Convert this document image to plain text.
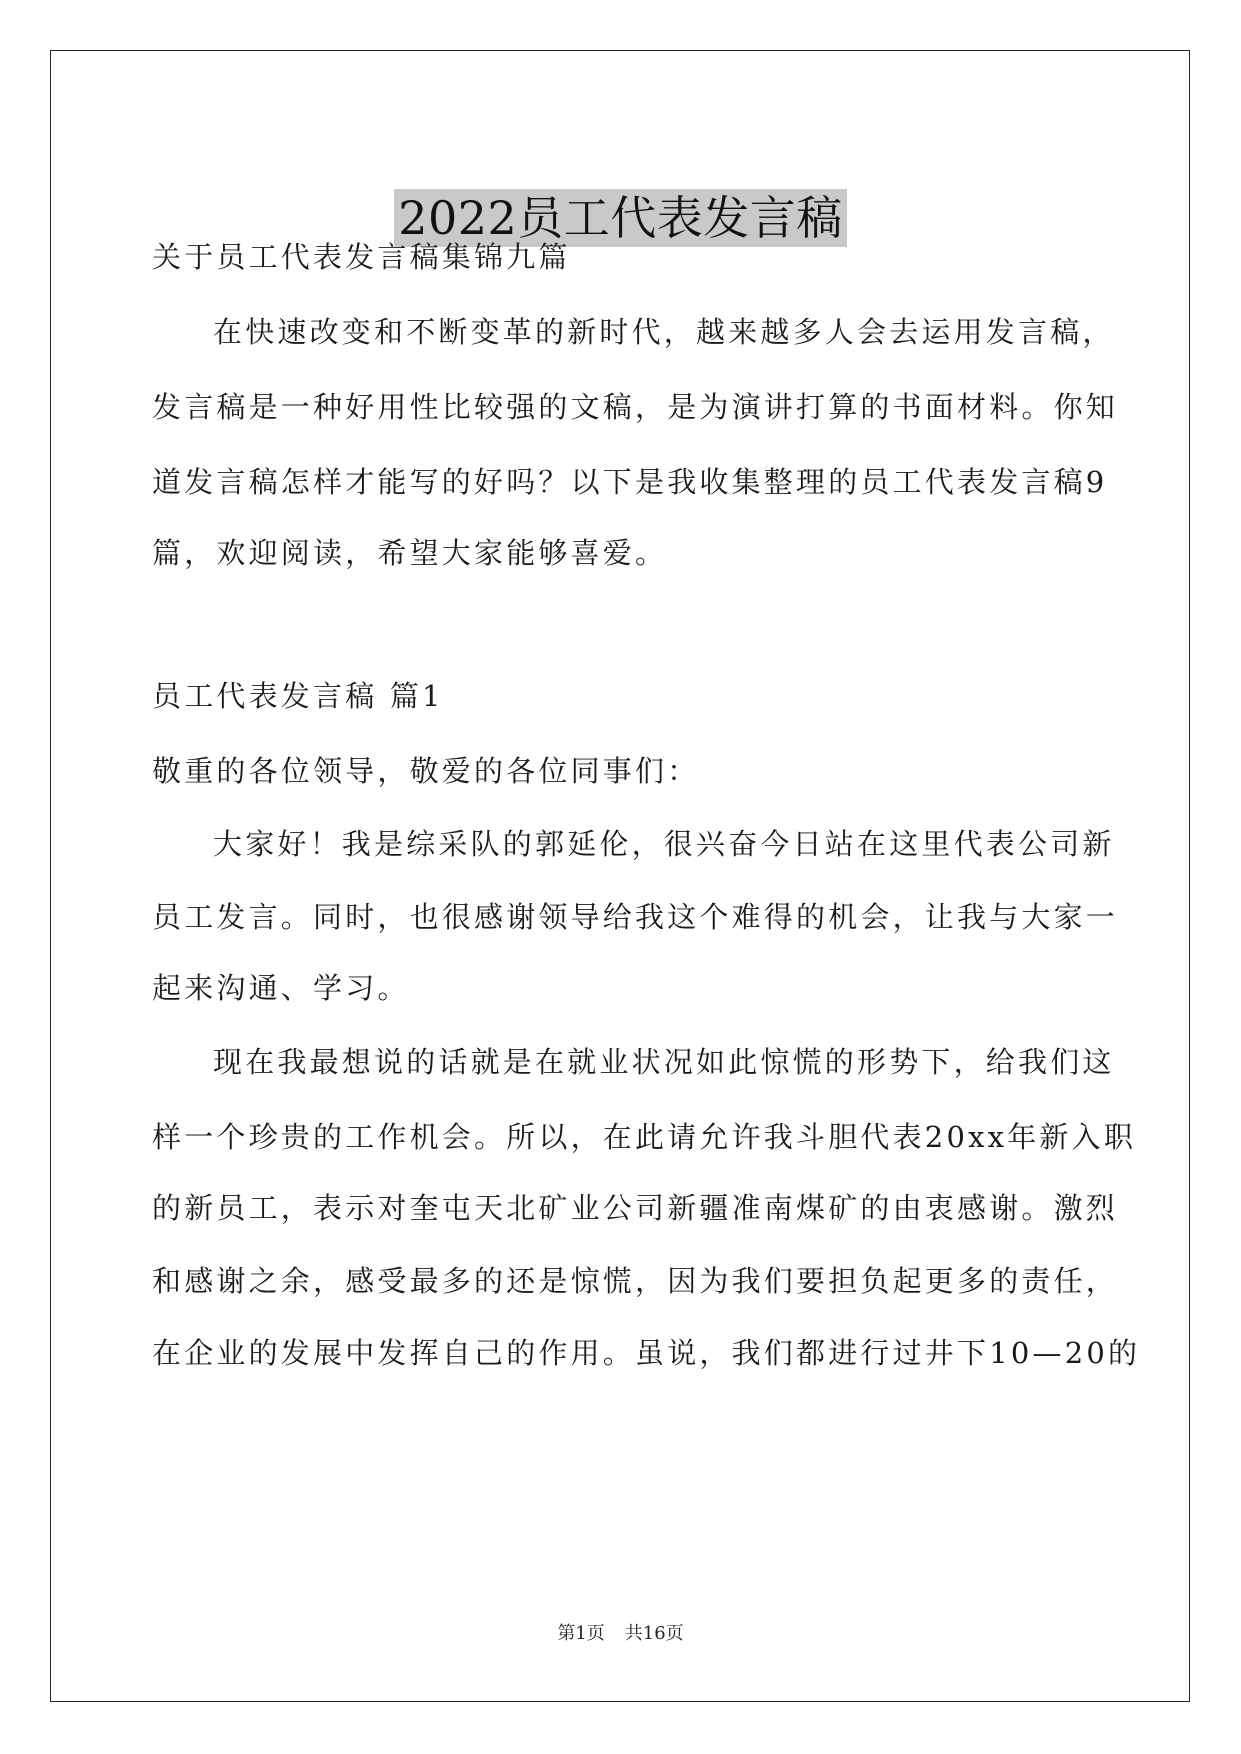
2022员工代表发言稿
关于员工代表发言稿集锦九篇
在快速改变和不断变革的新时代，越来越多人会去运用发言稿，
发言稿是一种好用性比较强的文稿，是为演讲打算的书面材料。你知
道发言稿怎样才能写的好吗？以下是我收集整理的员工代表发言稿9
篇，欢迎阅读，希望大家能够喜爱。
员工代表发言稿 篇1
敬重的各位领导，敬爱的各位同事们：
大家好！我是综采队的郭延伦，很兴奋今日站在这里代表公司新
员工发言。同时，也很感谢领导给我这个难得的机会，让我与大家一
起来沟通、学习。
现在我最想说的话就是在就业状况如此惊慌的形势下，给我们这
样一个珍贵的工作机会。所以，在此请允许我斗胆代表20xx年新入职
的新员工，表示对奎屯天北矿业公司新疆准南煤矿的由衷感谢。激烈
和感谢之余，感受最多的还是惊慌，因为我们要担负起更多的责任，
在企业的发展中发挥自己的作用。虽说，我们都进行过井下10—20的
第1页 共16页
